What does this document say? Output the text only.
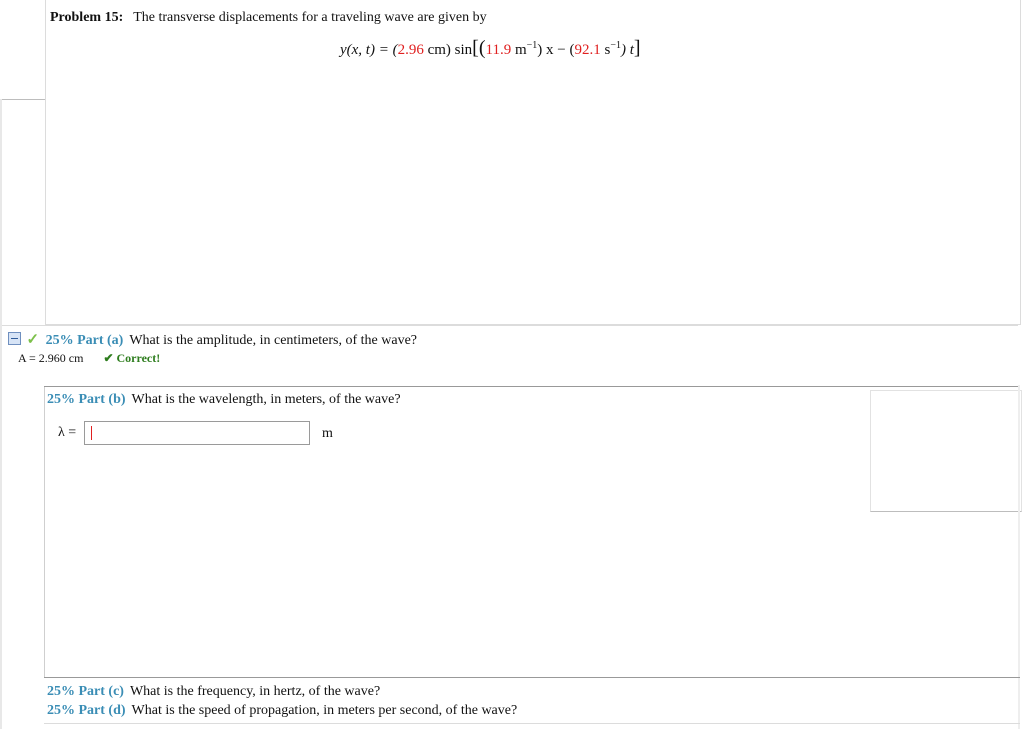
Problem 15: The transverse displacements for a traveling wave are given by
y(x, t) = (2.96 cm) sin[(11.9 $m^{-1}$) x − (92.1 $s^{-1}$) t]
✓ 25% Part (a) What is the amplitude, in centimeters, of the wave?
A = 2.960 cm ✔ Correct!
25% Part (b) What is the wavelength, in meters, of the wave?
λ =	m
25% Part (c) What is the frequency, in hertz, of the wave?
25% Part (d) What is the speed of propagation, in meters per second, of the wave?
